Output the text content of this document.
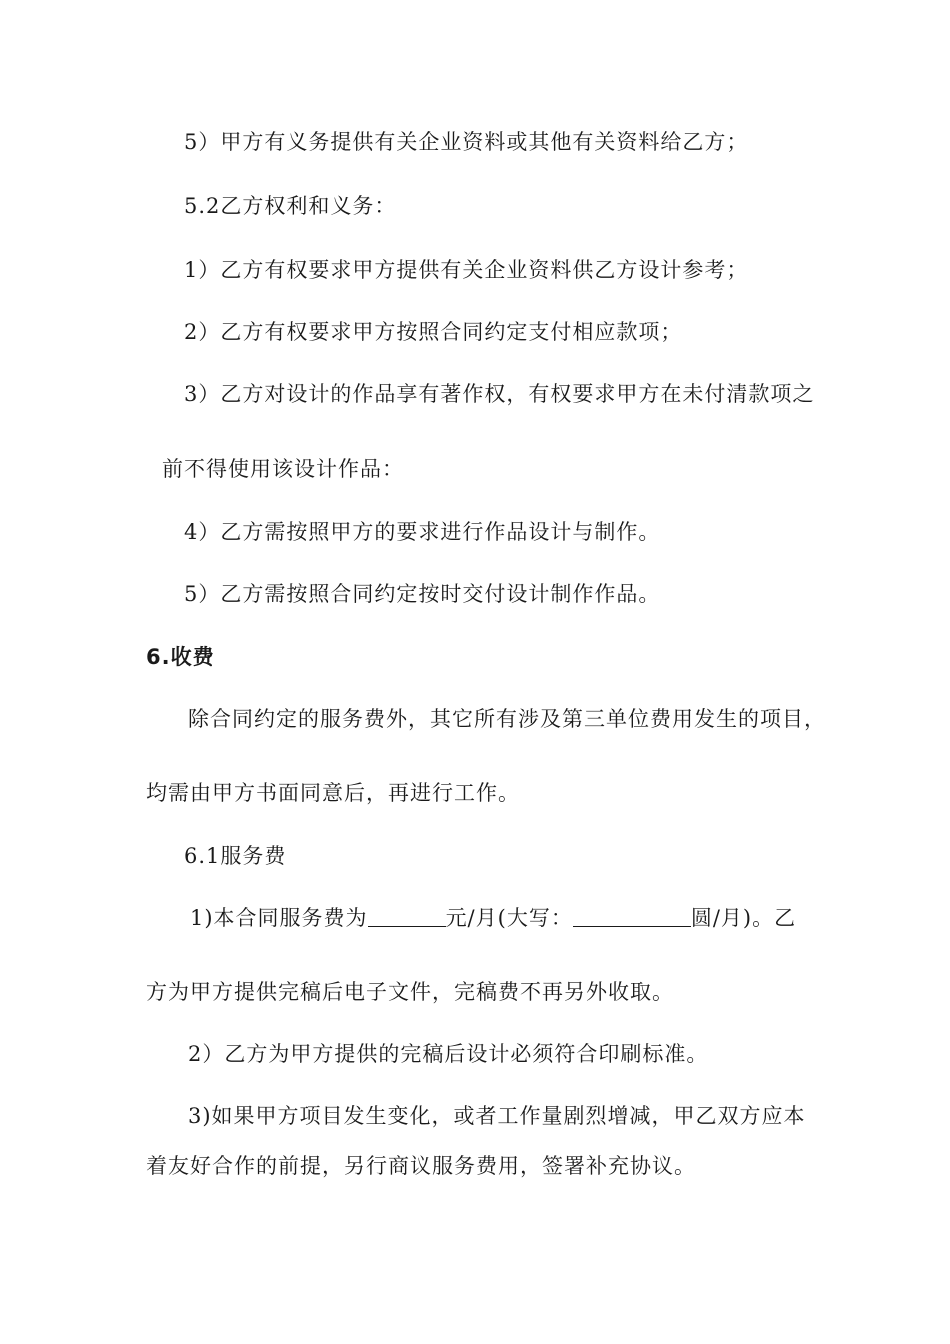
5）甲方有义务提供有关企业资料或其他有关资料给乙方；
5.2乙方权利和义务：
1）乙方有权要求甲方提供有关企业资料供乙方设计参考；
2）乙方有权要求甲方按照合同约定支付相应款项；
3）乙方对设计的作品享有著作权，有权要求甲方在未付清款项之
前不得使用该设计作品：
4）乙方需按照甲方的要求进行作品设计与制作。
5）乙方需按照合同约定按时交付设计制作作品。
6.收费
除合同约定的服务费外，其它所有涉及第三单位费用发生的项目，
均需由甲方书面同意后，再进行工作。
6.1服务费
1)本合同服务费为	元/月(大写：	圆/月)。乙
方为甲方提供完稿后电子文件，完稿费不再另外收取。
2）乙方为甲方提供的完稿后设计必须符合印刷标准。
3)如果甲方项目发生变化，或者工作量剧烈增减，甲乙双方应本
着友好合作的前提，另行商议服务费用，签署补充协议。
